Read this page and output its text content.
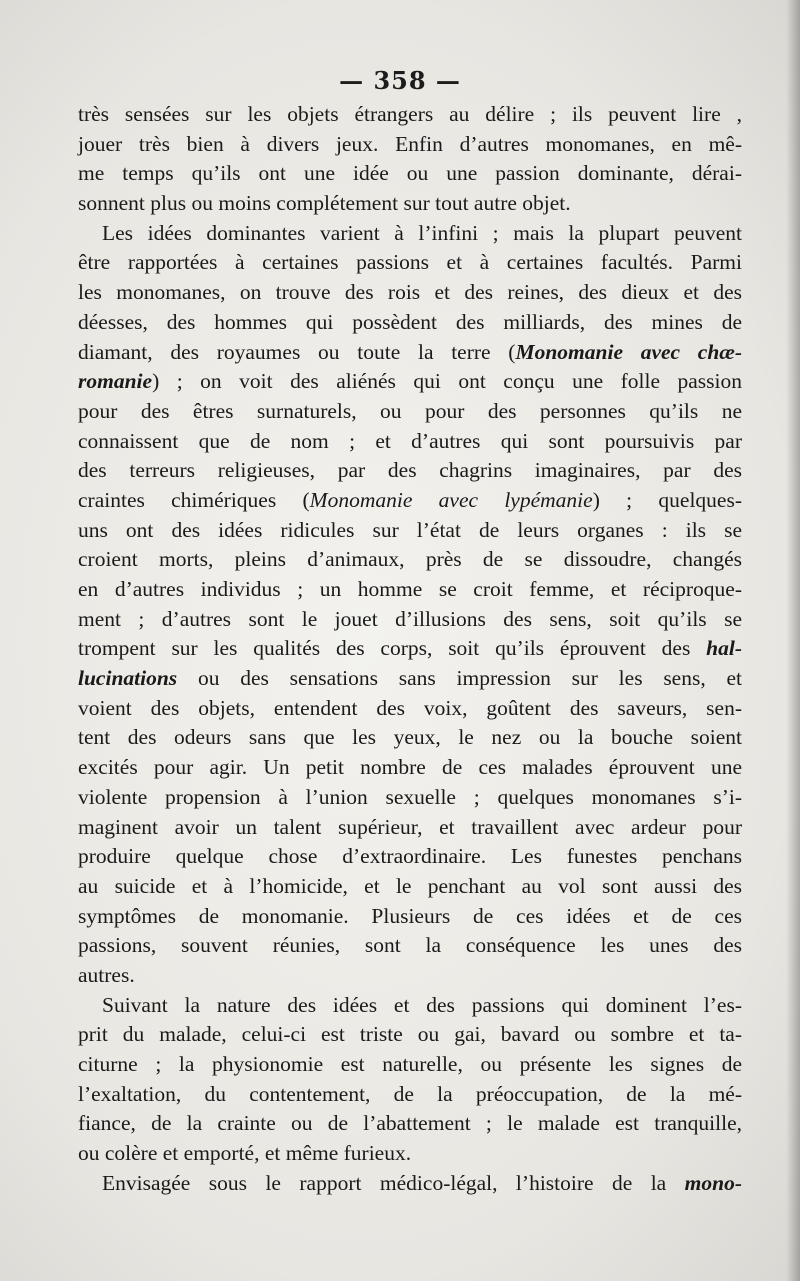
— 358 —
très sensées sur les objets étrangers au délire ; ils peuvent lire ,
jouer très bien à divers jeux. Enfin d’autres monomanes, en mê-
me temps qu’ils ont une idée ou une passion dominante, dérai-
sonnent plus ou moins complétement sur tout autre objet.
Les idées dominantes varient à l’infini ; mais la plupart peuvent
être rapportées à certaines passions et à certaines facultés. Parmi
les monomanes, on trouve des rois et des reines, des dieux et des
déesses, des hommes qui possèdent des milliards, des mines de
diamant, des royaumes ou toute la terre (Monomanie avec chæ-
romanie) ; on voit des aliénés qui ont conçu une folle passion
pour des êtres surnaturels, ou pour des personnes qu’ils ne
connaissent que de nom ; et d’autres qui sont poursuivis par
des terreurs religieuses, par des chagrins imaginaires, par des
craintes chimériques (Monomanie avec lypémanie) ; quelques-
uns ont des idées ridicules sur l’état de leurs organes : ils se
croient morts, pleins d’animaux, près de se dissoudre, changés
en d’autres individus ; un homme se croit femme, et réciproque-
ment ; d’autres sont le jouet d’illusions des sens, soit qu’ils se
trompent sur les qualités des corps, soit qu’ils éprouvent des hal-
lucinations ou des sensations sans impression sur les sens, et
voient des objets, entendent des voix, goûtent des saveurs, sen-
tent des odeurs sans que les yeux, le nez ou la bouche soient
excités pour agir. Un petit nombre de ces malades éprouvent une
violente propension à l’union sexuelle ; quelques monomanes s’i-
maginent avoir un talent supérieur, et travaillent avec ardeur pour
produire quelque chose d’extraordinaire. Les funestes penchans
au suicide et à l’homicide, et le penchant au vol sont aussi des
symptômes de monomanie. Plusieurs de ces idées et de ces
passions, souvent réunies, sont la conséquence les unes des
autres.
Suivant la nature des idées et des passions qui dominent l’es-
prit du malade, celui-ci est triste ou gai, bavard ou sombre et ta-
citurne ; la physionomie est naturelle, ou présente les signes de
l’exaltation, du contentement, de la préoccupation, de la mé-
fiance, de la crainte ou de l’abattement ; le malade est tranquille,
ou colère et emporté, et même furieux.
Envisagée sous le rapport médico-légal, l’histoire de la mono-
